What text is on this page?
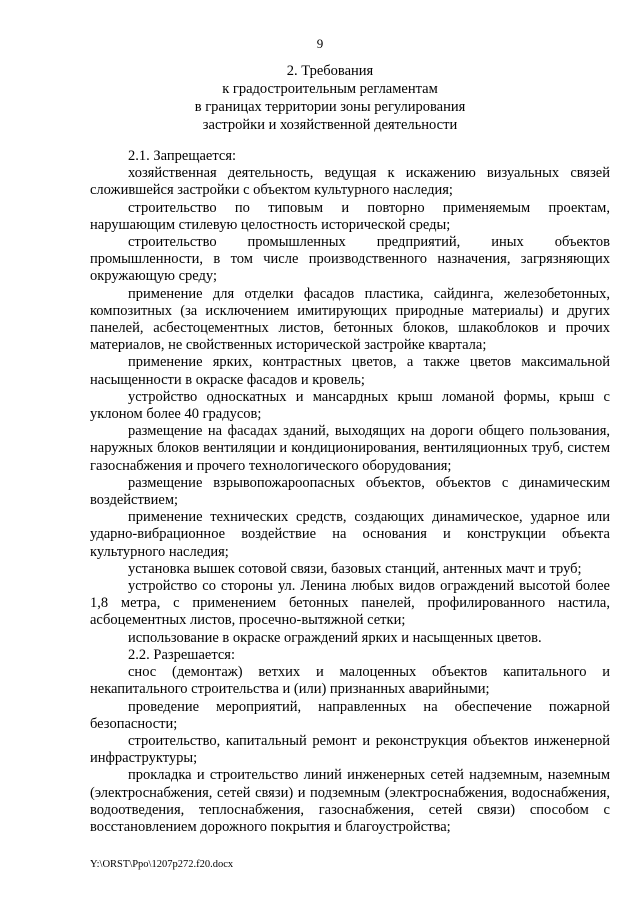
9
2. Требования
к градостроительным регламентам
в границах территории зоны регулирования
застройки и хозяйственной деятельности

2.1. Запрещается:

хозяйственная деятельность, ведущая к искажению визуальных связей сложившейся застройки с объектом культурного наследия;

строительство по типовым и повторно применяемым проектам, нарушающим стилевую целостность исторической среды;

строительство промышленных предприятий, иных объектов промышленности, в том числе производственного назначения, загрязняющих окружающую среду;

применение для отделки фасадов пластика, сайдинга, железобетонных, композитных (за исключением имитирующих природные материалы) и других панелей, асбестоцементных листов, бетонных блоков, шлакоблоков и прочих материалов, не свойственных исторической застройке квартала;

применение ярких, контрастных цветов, а также цветов максимальной насыщенности в окраске фасадов и кровель;

устройство односкатных и мансардных крыш ломаной формы, крыш с уклоном более 40 градусов;

размещение на фасадах зданий, выходящих на дороги общего пользования, наружных блоков вентиляции и кондиционирования, вентиляционных труб, систем газоснабжения и прочего технологического оборудования;

размещение взрывопожароопасных объектов, объектов с динамическим воздействием;

применение технических средств, создающих динамическое, ударное или ударно-вибрационное воздействие на основания и конструкции объекта культурного наследия;

установка вышек сотовой связи, базовых станций, антенных мачт и труб;

устройство со стороны ул. Ленина любых видов ограждений высотой более 1,8 метра, с применением бетонных панелей, профилированного настила, асбоцементных листов, просечно-вытяжной сетки;

использование в окраске ограждений ярких и насыщенных цветов.

2.2. Разрешается:

снос (демонтаж) ветхих и малоценных объектов капитального и некапитального строительства и (или) признанных аварийными;

проведение мероприятий, направленных на обеспечение пожарной безопасности;

строительство, капитальный ремонт и реконструкция объектов инженерной инфраструктуры;

прокладка и строительство линий инженерных сетей надземным, наземным (электроснабжения, сетей связи) и подземным (электроснабжения, водоснабжения, водоотведения, теплоснабжения, газоснабжения, сетей связи) способом с восстановлением дорожного покрытия и благоустройства;

Y:\ORST\Ppo\1207p272.f20.docx
